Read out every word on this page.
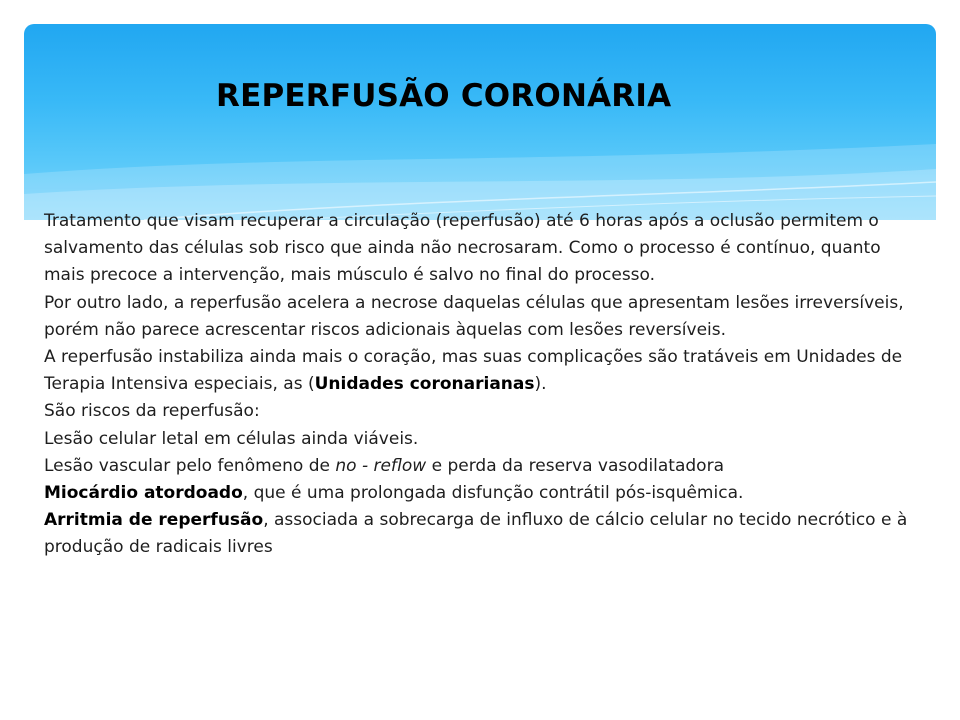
REPERFUSÃO CORONÁRIA

Tratamento que visam recuperar a circulação (reperfusão) até 6 horas após a oclusão permitem o salvamento das células sob risco que ainda não necrosaram. Como o processo é contínuo, quanto mais precoce a intervenção, mais músculo é salvo no final do processo.

Por outro lado, a reperfusão acelera a necrose daquelas células que apresentam lesões irreversíveis, porém não parece acrescentar riscos adicionais àquelas com lesões reversíveis.

A reperfusão instabiliza ainda mais o coração, mas suas complicações são tratáveis em Unidades de Terapia Intensiva especiais, as (Unidades coronarianas).

São riscos da reperfusão:

Lesão celular letal em células ainda viáveis.

Lesão vascular pelo fenômeno de no - reflow e perda da reserva vasodilatadora

Miocárdio atordoado, que é uma prolongada disfunção contrátil pós-isquêmica.

Arritmia de reperfusão, associada a sobrecarga de influxo de cálcio celular no tecido necrótico e à produção de radicais livres
